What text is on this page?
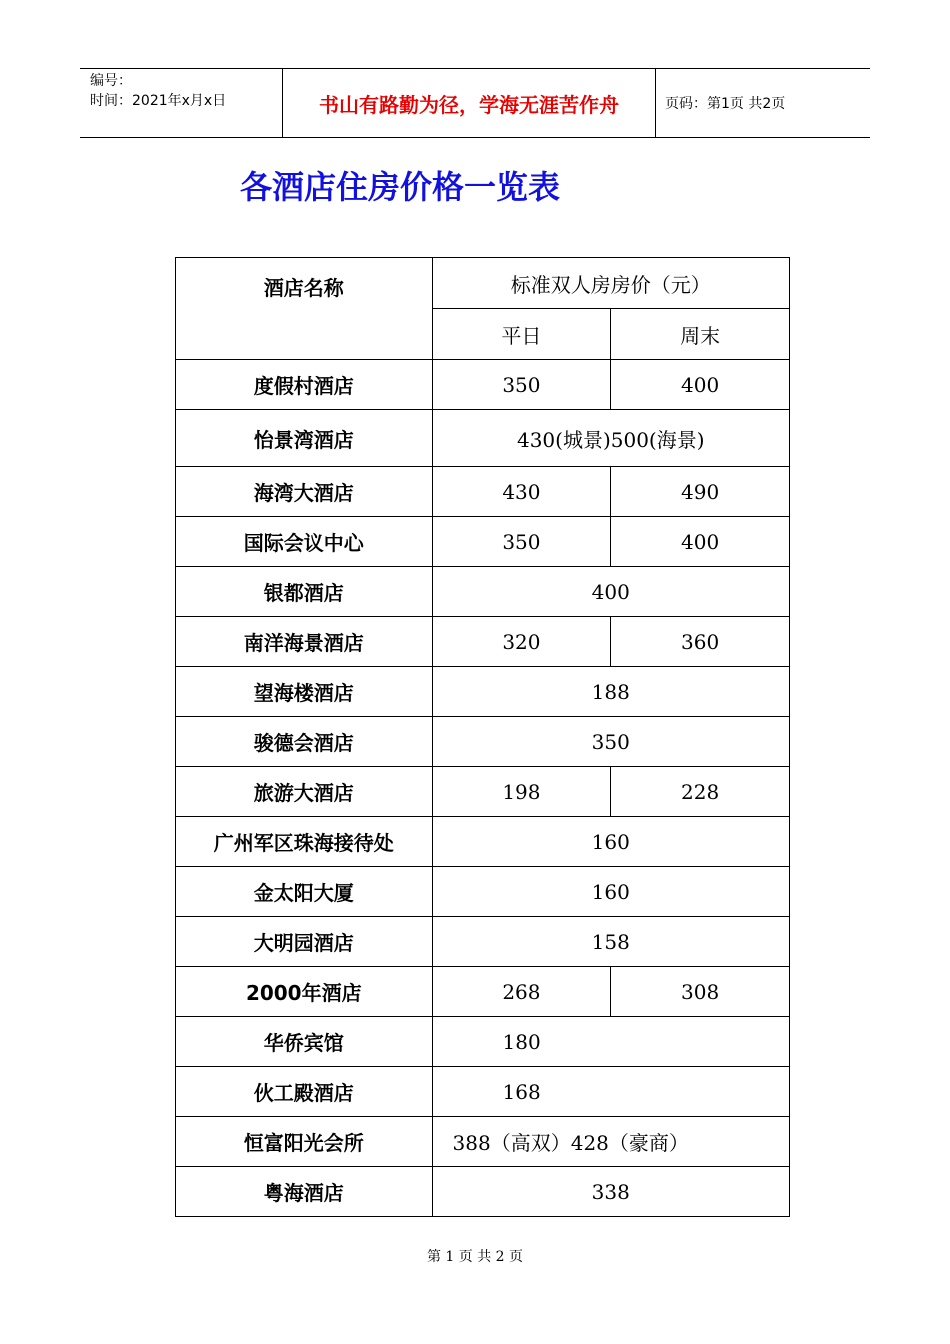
编号：
时间：2021年x月x日	书山有路勤为径，学海无涯苦作舟	页码：第1页 共2页
各酒店住房价格一览表
酒店名称	标准双人房房价（元）	
	平日	周末
度假村酒店	350	400
怡景湾酒店	430(城景)500(海景)	
海湾大酒店	430	490
国际会议中心	350	400
银都酒店	400	
南洋海景酒店	320	360
望海楼酒店	188	
骏德会酒店	350	
旅游大酒店	198	228
广州军区珠海接待处	160	
金太阳大厦	160	
大明园酒店	158	
2000年酒店	268	308
华侨宾馆	180	
伙工殿酒店	168	
恒富阳光会所	388（高双）428（豪商）	
粤海酒店	338	
第 1 页 共 2 页
